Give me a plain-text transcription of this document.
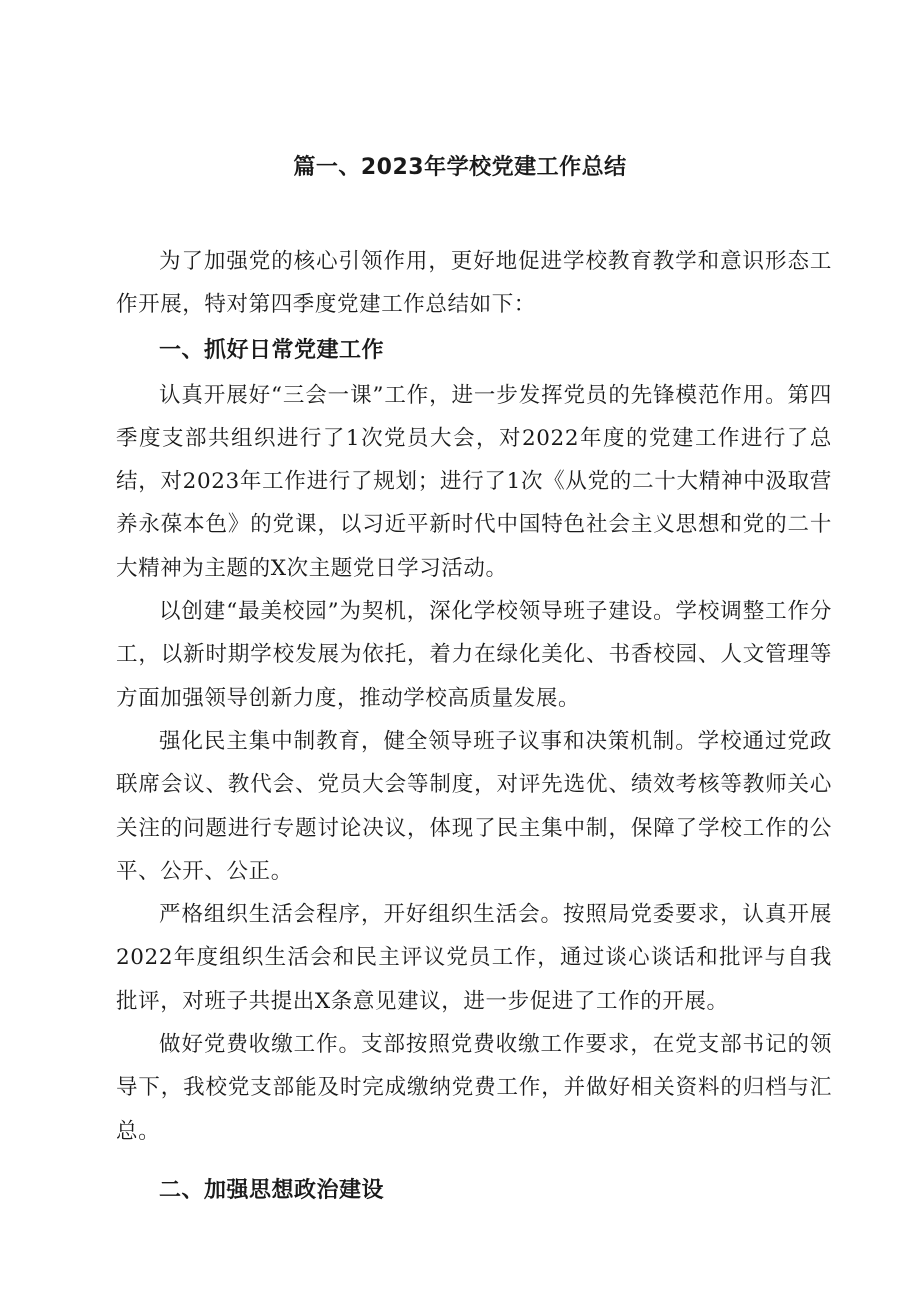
篇一、2023年学校党建工作总结

为了加强党的核心引领作用，更好地促进学校教育教学和意识形态工作开展，特对第四季度党建工作总结如下：

一、抓好日常党建工作

认真开展好“三会一课”工作，进一步发挥党员的先锋模范作用。第四季度支部共组织进行了1次党员大会，对2022年度的党建工作进行了总结，对2023年工作进行了规划；进行了1次《从党的二十大精神中汲取营养永葆本色》的党课，以习近平新时代中国特色社会主义思想和党的二十大精神为主题的X次主题党日学习活动。

以创建“最美校园”为契机，深化学校领导班子建设。学校调整工作分工，以新时期学校发展为依托，着力在绿化美化、书香校园、人文管理等方面加强领导创新力度，推动学校高质量发展。

强化民主集中制教育，健全领导班子议事和决策机制。学校通过党政联席会议、教代会、党员大会等制度，对评先选优、绩效考核等教师关心关注的问题进行专题讨论决议，体现了民主集中制，保障了学校工作的公平、公开、公正。

严格组织生活会程序，开好组织生活会。按照局党委要求，认真开展2022年度组织生活会和民主评议党员工作，通过谈心谈话和批评与自我批评，对班子共提出X条意见建议，进一步促进了工作的开展。

做好党费收缴工作。支部按照党费收缴工作要求，在党支部书记的领导下，我校党支部能及时完成缴纳党费工作，并做好相关资料的归档与汇总。

二、加强思想政治建设
